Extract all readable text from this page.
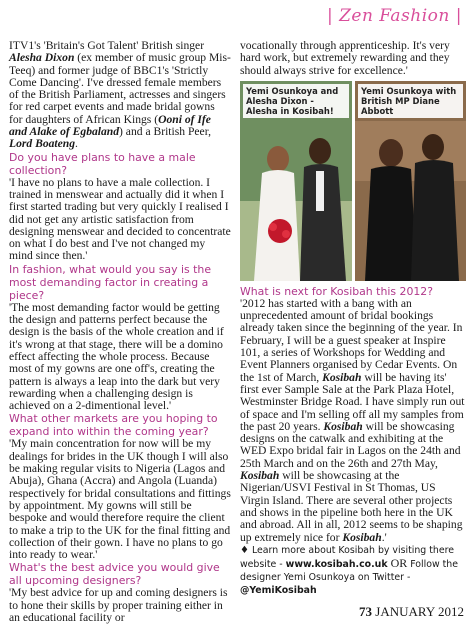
| Zen Fashion |

ITV1's 'Britain's Got Talent' British singer Alesha Dixon (ex member of music group Mis-Teeq) and former judge of BBC1's 'Strictly Come Dancing'. I've dressed female members of the British Parliament, actresses and singers for red carpet events and made bridal gowns for daughters of African Kings (Ooni of Ife and Alake of Egbaland) and a British Peer, Lord Boateng.

Do you have plans to have a male collection?

'I have no plans to have a male collection. I trained in menswear and actually did it when I first started trading but very quickly I realised I did not get any artistic satisfaction from designing menswear and decided to concentrate on what I do best and I've not changed my mind since then.'

In fashion, what would you say is the most demanding factor in creating a piece?

'The most demanding factor would be getting the design and patterns perfect because the design is the basis of the whole creation and if it's wrong at that stage, there will be a domino effect affecting the whole process. Because most of my gowns are one off's, creating the pattern is always a leap into the dark but very rewarding when a challenging design is achieved on a 2-dimentional level.'

What other markets are you hoping to expand into within the coming year?

'My main concentration for now will be my dealings for brides in the UK though I will also be making regular visits to Nigeria (Lagos and Abuja), Ghana (Accra) and Angola (Luanda) respectively for bridal consultations and fittings by appointment. My gowns will still be bespoke and would therefore require the client to make a trip to the UK for the final fitting and collection of their gown. I have no plans to go into ready to wear.'

What's the best advice you would give all upcoming designers?

'My best advice for up and coming designers is to hone their skills by proper training either in an educational facility or

vocationally through apprenticeship. It's very hard work, but extremely rewarding and they should always strive for excellence.'

Yemi Osunkoya and Alesha Dixon - Alesha in Kosibah!
Yemi Osunkoya with British MP Diane Abbott

What is next for Kosibah this 2012?

'2012 has started with a bang with an unprecedented amount of bridal bookings already taken since the beginning of the year. In February, I will be a guest speaker at Inspire 101, a series of Workshops for Wedding and Event Planners organised by Cedar Events. On the 1st of March, Kosibah will be having its' first ever Sample Sale at the Park Plaza Hotel, Westminster Bridge Road. I have simply run out of space and I'm selling off all my samples from the past 20 years. Kosibah will be showcasing designs on the catwalk and exhibiting at the WED Expo bridal fair in Lagos on the 24th and 25th March and on the 26th and 27th May, Kosibah will be showcasing at the Nigerian/USVI Festival in St Thomas, US Virgin Island. There are several other projects and shows in the pipeline both here in the UK and abroad. All in all, 2012 seems to be shaping up extremely nice for Kosibah.'

♦ Learn more about Kosibah by visiting there website - www.kosibah.co.uk OR Follow the designer Yemi Osunkoya on Twitter - @YemiKosibah

73 JANUARY 2012
